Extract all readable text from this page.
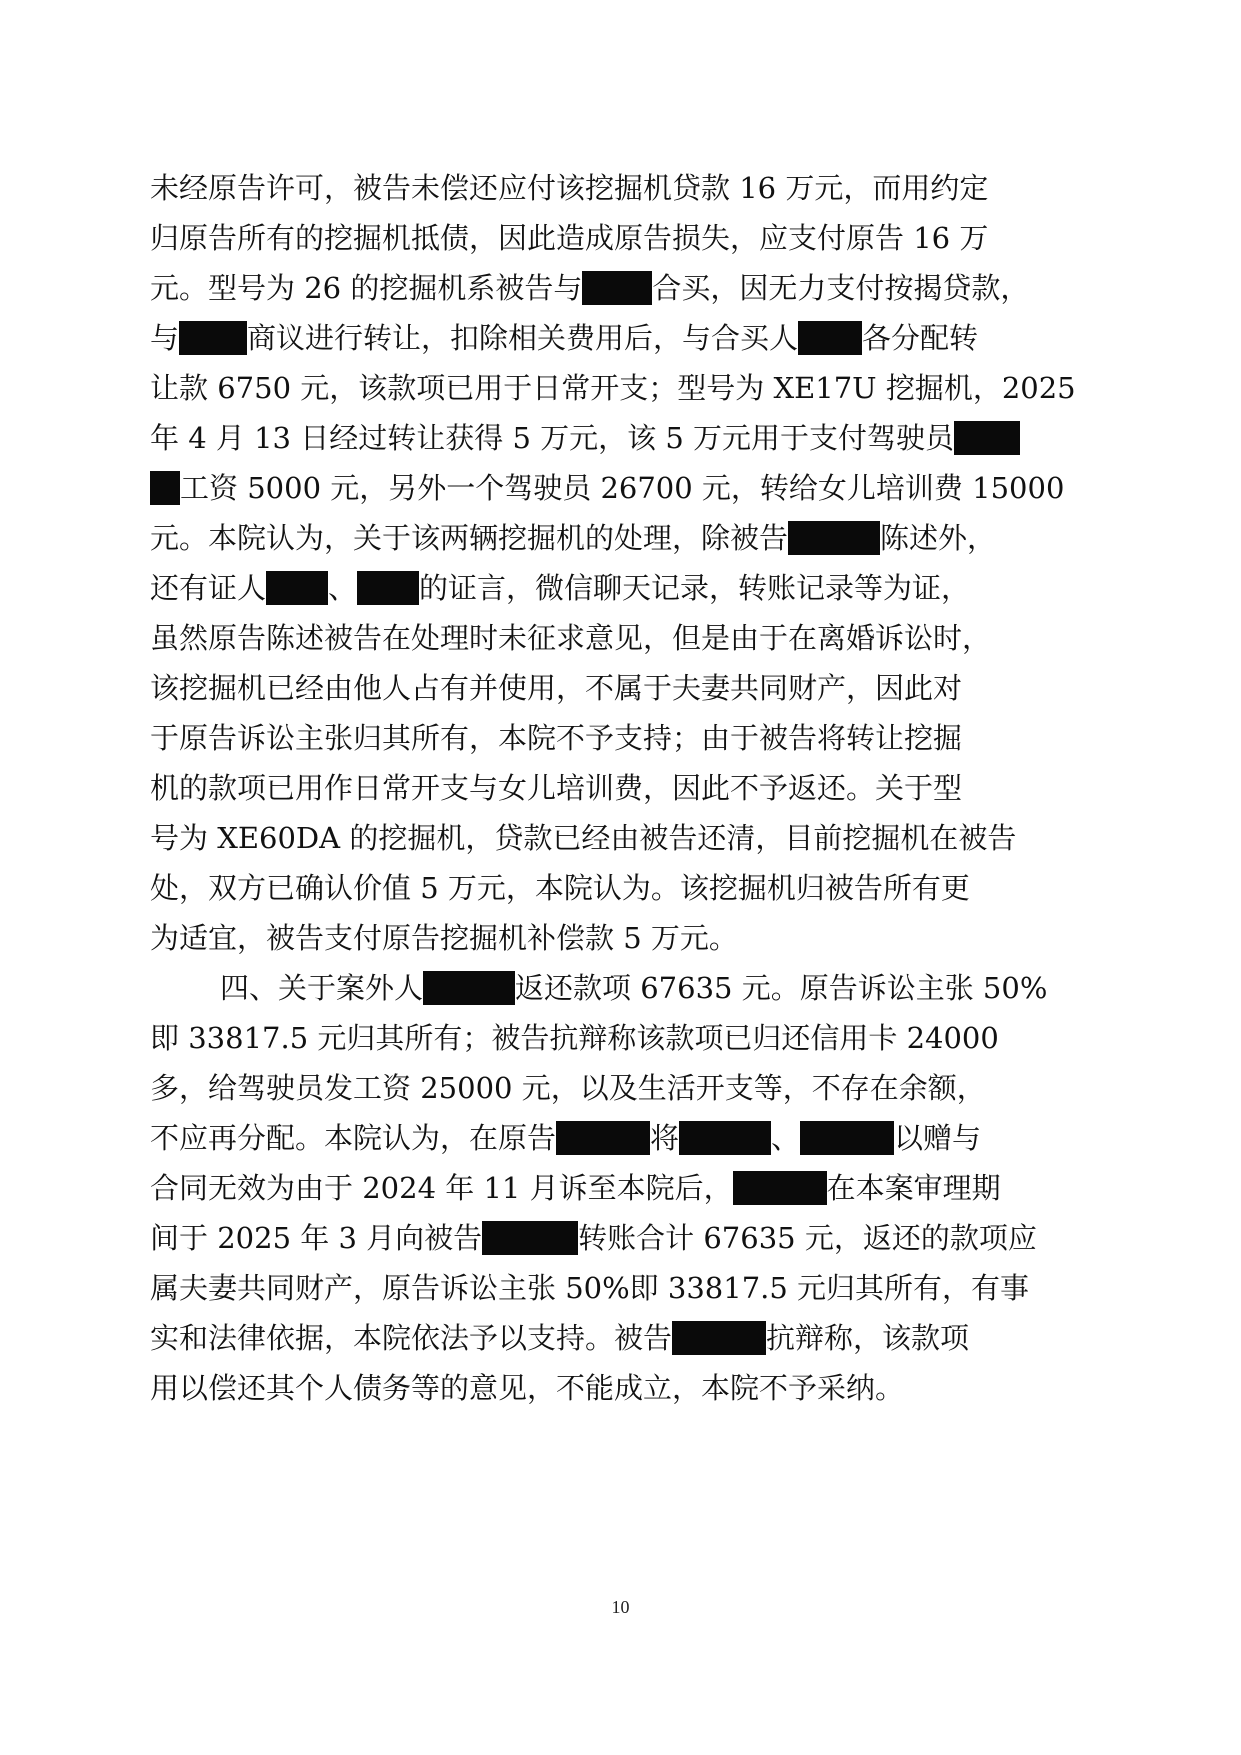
未经原告许可，被告未偿还应付该挖掘机贷款 16 万元，而用约定
归原告所有的挖掘机抵债，因此造成原告损失，应支付原告 16 万
元。型号为 26 的挖掘机系被告与 合买，因无力支付按揭贷款，
与 商议进行转让，扣除相关费用后，与合买人 各分配转
让款 6750 元，该款项已用于日常开支；型号为 XE17U 挖掘机，2025
年 4 月 13 日经过转让获得 5 万元，该 5 万元用于支付驾驶员
工资 5000 元，另外一个驾驶员 26700 元，转给女儿培训费 15000
元。本院认为，关于该两辆挖掘机的处理，除被告	陈述外，
还有证人 、 的证言，微信聊天记录，转账记录等为证，
虽然原告陈述被告在处理时未征求意见，但是由于在离婚诉讼时，
该挖掘机已经由他人占有并使用，不属于夫妻共同财产，因此对
于原告诉讼主张归其所有，本院不予支持；由于被告将转让挖掘
机的款项已用作日常开支与女儿培训费，因此不予返还。关于型
号为 XE60DA 的挖掘机，贷款已经由被告还清，目前挖掘机在被告
处，双方已确认价值 5 万元，本院认为。该挖掘机归被告所有更
为适宜，被告支付原告挖掘机补偿款 5 万元。
四、关于案外人	返还款项 67635 元。原告诉讼主张 50%
即 33817.5 元归其所有；被告抗辩称该款项已归还信用卡 24000
多，给驾驶员发工资 25000 元，以及生活开支等，不存在余额，
不应再分配。本院认为，在原告	将	、	以赠与
合同无效为由于 2024 年 11 月诉至本院后，	在本案审理期
间于 2025 年 3 月向被告	转账合计 67635 元，返还的款项应
属夫妻共同财产，原告诉讼主张 50%即 33817.5 元归其所有，有事
实和法律依据，本院依法予以支持。被告	抗辩称，该款项
用以偿还其个人债务等的意见，不能成立，本院不予采纳。
10
